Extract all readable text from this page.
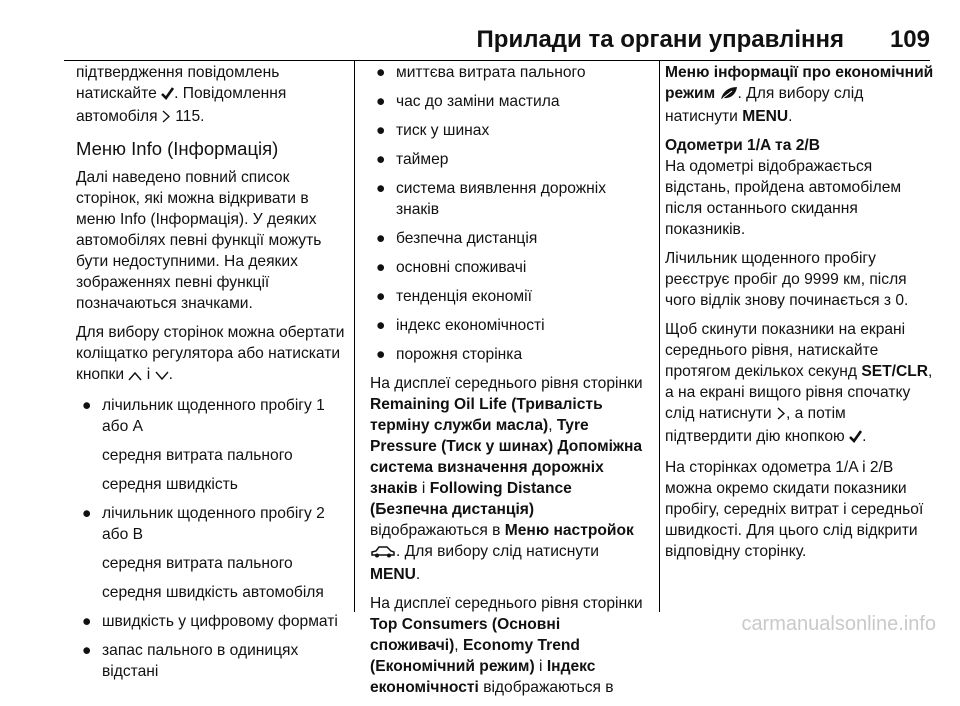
Прилади та органи управління 109

підтвердження повідомлень
натискайте . Повідомлення
автомобіля 115.

Меню Info (Інформація)

Далі наведено повний список сторінок, які можна відкривати в меню Info (Інформація). У деяких автомобілях певні функції можуть бути недоступними. На деяких зображеннях певні функції позначаються значками.

Для вибору сторінок можна обертати коліщатко регулятора або натискати кнопки і .

● лічильник щоденного пробігу 1 або А
середня витрата пального
середня швидкість
● лічильник щоденного пробігу 2 або В
середня витрата пального
середня швидкість автомобіля
● швидкість у цифровому форматі
● запас пального в одиницях відстані
● миттєва витрата пального
● час до заміни мастила
● тиск у шинах
● таймер
● система виявлення дорожніх знаків
● безпечна дистанція
● основні споживачі
● тенденція економії
● індекс економічності
● порожня сторінка

На дисплеї середнього рівня сторінки Remaining Oil Life (Тривалість терміну служби масла), Tyre Pressure (Тиск у шинах) Допоміжна система визначення дорожніх знаків і Following Distance (Безпечна дистанція) відображаються в Меню настройок . Для вибору слід натиснути MENU.

На дисплеї середнього рівня сторінки Top Consumers (Основні споживачі), Economy Trend (Економічний режим) і Індекс економічності відображаються в

Меню інформації про економічний режим . Для вибору слід натиснути MENU.

Одометри 1/A та 2/B

На одометрі відображається відстань, пройдена автомобілем після останнього скидання показників.

Лічильник щоденного пробігу реєструє пробіг до 9999 км, після чого відлік знову починається з 0.

Щоб скинути показники на екрані середнього рівня, натискайте протягом декількох секунд SET/CLR, а на екрані вищого рівня спочатку слід натиснути , а потім підтвердити дію кнопкою .

На сторінках одометра 1/A і 2/B можна окремо скидати показники пробігу, середніх витрат і середньої швидкості. Для цього слід відкрити відповідну сторінку.

carmanualsonline.info
